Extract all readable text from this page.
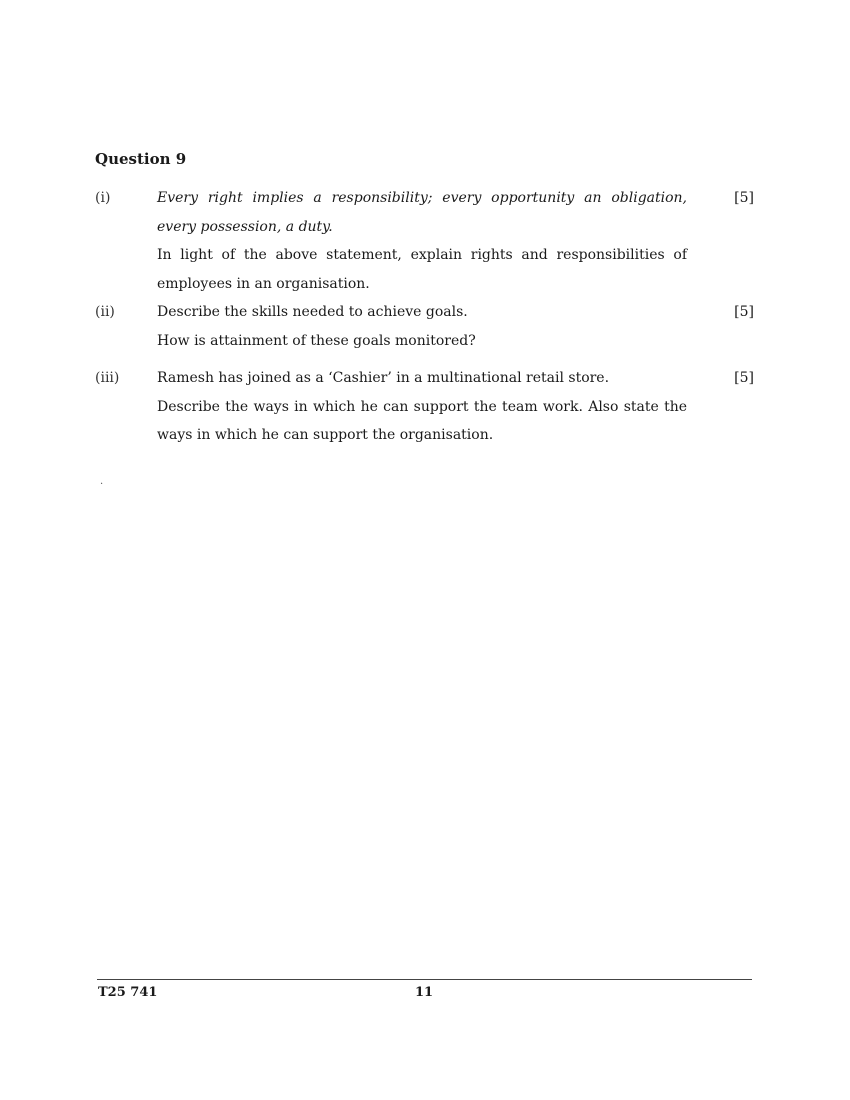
Question 9
(i)	Every right implies a responsibility; every opportunity an obligation, every possession, a duty.

In light of the above statement, explain rights and responsibilities of employees in an organisation.

[5]
(ii)	Describe the skills needed to achieve goals.

How is attainment of these goals monitored?

[5]
(iii)	Ramesh has joined as a ‘Cashier’ in a multinational retail store.

Describe the ways in which he can support the team work. Also state the ways in which he can support the organisation.

[5]
.
T25 741	11
